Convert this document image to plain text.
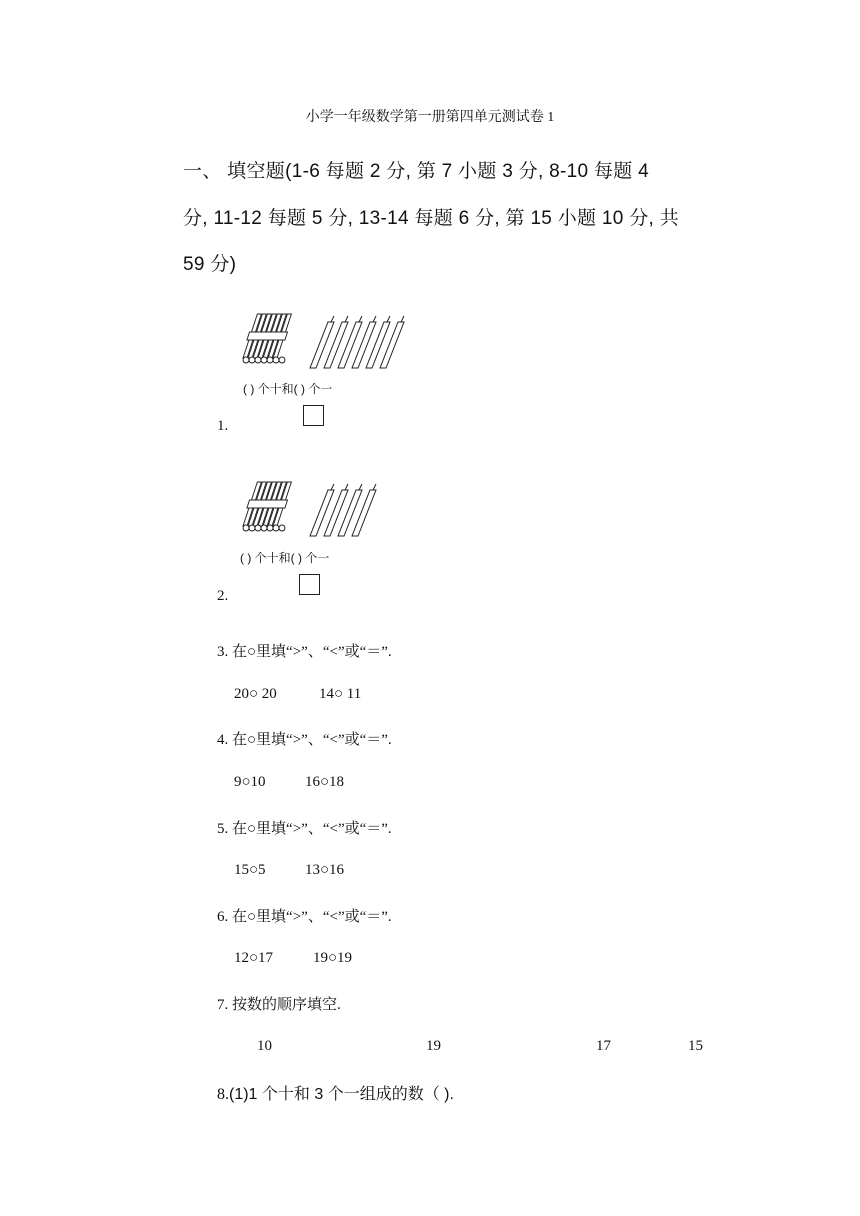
小学一年级数学第一册第四单元测试卷 1
一、 填空题(1-6 每题 2 分, 第 7 小题 3 分, 8-10 每题 4
分, 11-12 每题 5 分, 13-14 每题 6 分, 第 15 小题 10 分, 共
59 分)
( ) 个十和( ) 个一
1.
( ) 个十和( ) 个一
2.
3. 在○里填“>”、“<”或“＝”.
20○ 20	14○ 11
4. 在○里填“>”、“<”或“＝”.
9○10	16○18
5. 在○里填“>”、“<”或“＝”.
15○5	13○16
6. 在○里填“>”、“<”或“＝”.
12○17	19○19
7. 按数的顺序填空.
10	19	17	15
8.(1)1 个十和 3 个一组成的数（ ).
